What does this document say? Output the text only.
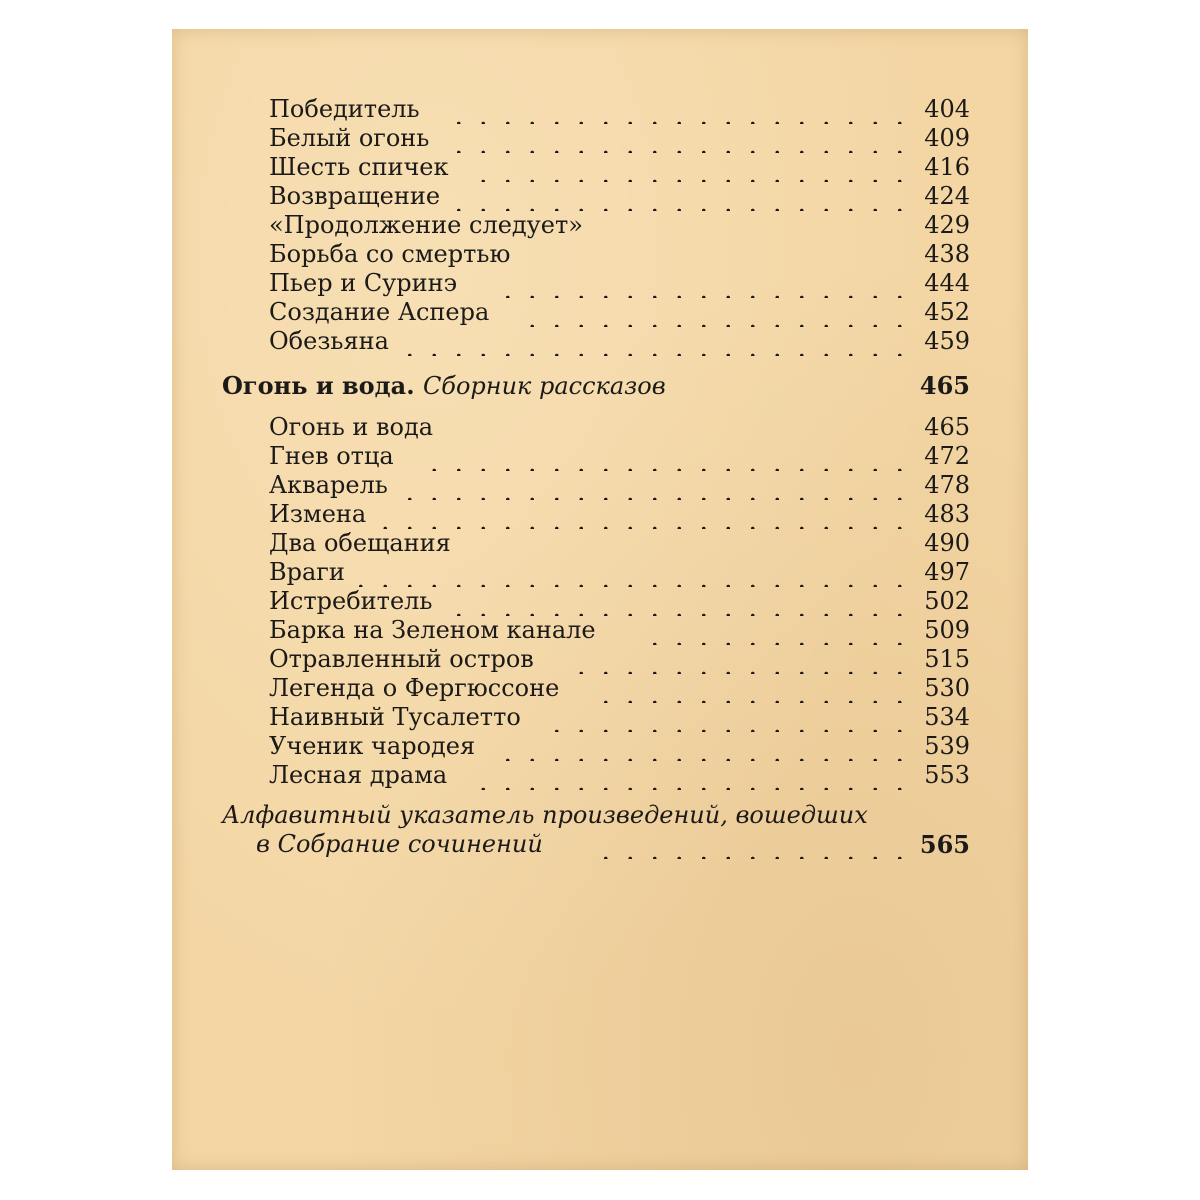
Победитель	404
Белый огонь	409
Шесть спичек	416
Возвращение	424
«Продолжение следует»	429
Борьба со смертью	438
Пьер и Суринэ	444
Создание Аспера	452
Обезьяна	459
Огонь и вода. Сборник рассказов	465
Огонь и вода	465
Гнев отца	472
Акварель	478
Измена	483
Два обещания	490
Враги	497
Истребитель	502
Барка на Зеленом канале	509
Отравленный остров	515
Легенда о Фергюссоне	530
Наивный Тусалетто	534
Ученик чародея	539
Лесная драма	553
Алфавитный указатель произведений, вошедших
в Собрание сочинений	565
